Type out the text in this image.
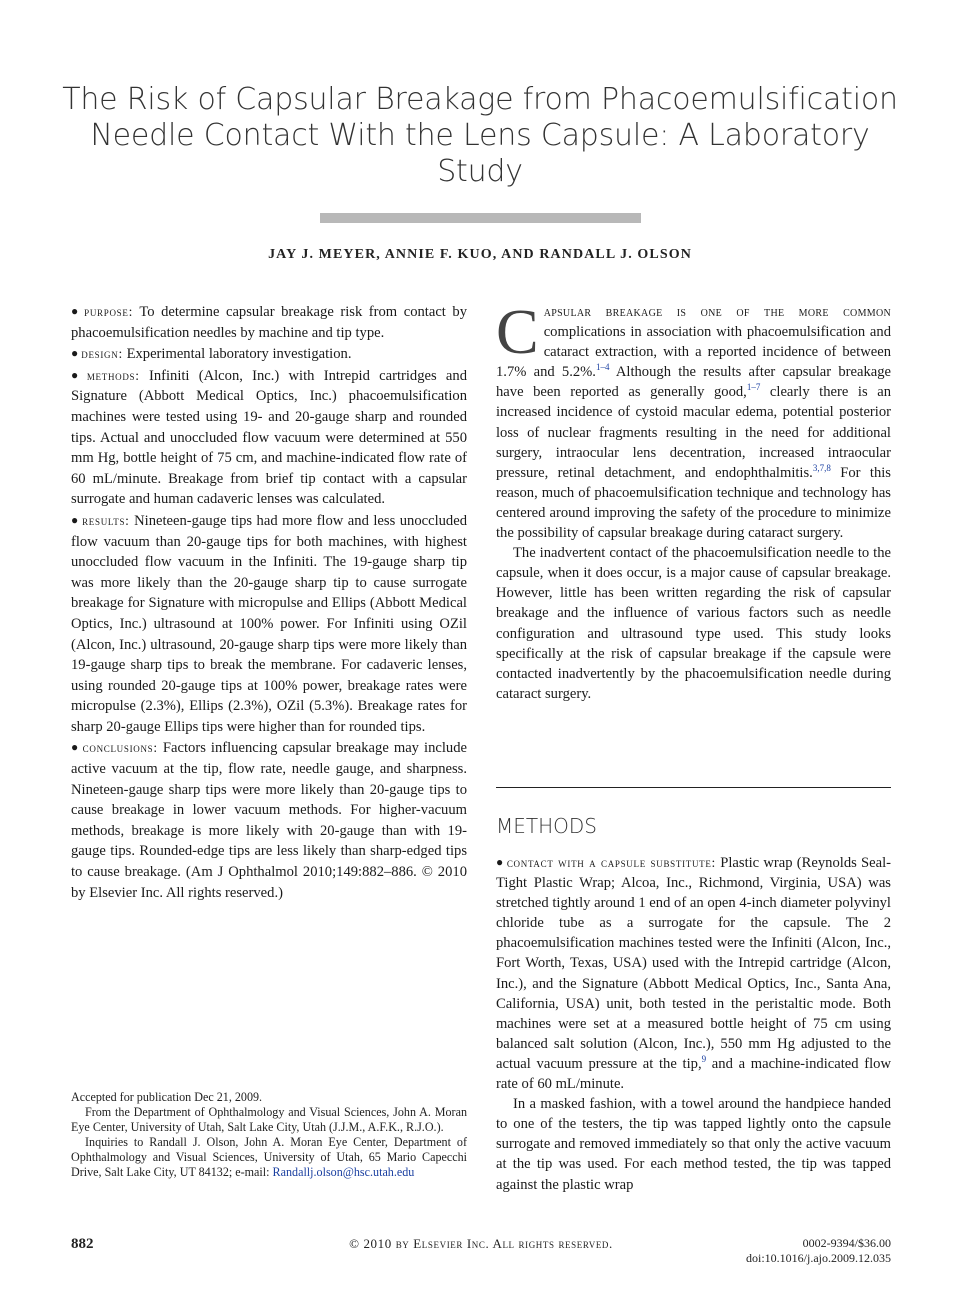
The Risk of Capsular Breakage from Phacoemulsification Needle Contact With the Lens Capsule: A Laboratory Study
JAY J. MEYER, ANNIE F. KUO, AND RANDALL J. OLSON

● purpose: To determine capsular breakage risk from contact by phacoemulsification needles by machine and tip type.

● design: Experimental laboratory investigation.

● methods: Infiniti (Alcon, Inc.) with Intrepid cartridges and Signature (Abbott Medical Optics, Inc.) phacoemulsification machines were tested using 19- and 20-gauge sharp and rounded tips. Actual and unoccluded flow vacuum were determined at 550 mm Hg, bottle height of 75 cm, and machine-indicated flow rate of 60 mL/minute. Breakage from brief tip contact with a capsular surrogate and human cadaveric lenses was calculated.

● results: Nineteen-gauge tips had more flow and less unoccluded flow vacuum than 20-gauge tips for both machines, with highest unoccluded flow vacuum in the Infiniti. The 19-gauge sharp tip was more likely than the 20-gauge sharp tip to cause surrogate breakage for Signature with micropulse and Ellips (Abbott Medical Optics, Inc.) ultrasound at 100% power. For Infiniti using OZil (Alcon, Inc.) ultrasound, 20-gauge sharp tips were more likely than 19-gauge sharp tips to break the membrane. For cadaveric lenses, using rounded 20-gauge tips at 100% power, breakage rates were micropulse (2.3%), Ellips (2.3%), OZil (5.3%). Breakage rates for sharp 20-gauge Ellips tips were higher than for rounded tips.

● conclusions: Factors influencing capsular breakage may include active vacuum at the tip, flow rate, needle gauge, and sharpness. Nineteen-gauge sharp tips were more likely than 20-gauge tips to cause breakage in lower vacuum methods. For higher-vacuum methods, breakage is more likely with 20-gauge than with 19-gauge tips. Rounded-edge tips are less likely than sharp-edged tips to cause breakage. (Am J Ophthalmol 2010;149:882–886. © 2010 by Elsevier Inc. All rights reserved.)

Accepted for publication Dec 21, 2009.

From the Department of Ophthalmology and Visual Sciences, John A. Moran Eye Center, University of Utah, Salt Lake City, Utah (J.J.M., A.F.K., R.J.O.).

Inquiries to Randall J. Olson, John A. Moran Eye Center, Department of Ophthalmology and Visual Sciences, University of Utah, 65 Mario Capecchi Drive, Salt Lake City, UT 84132; e-mail: Randallj.olson@hsc.utah.edu

Capsular breakage is one of the more common complications in association with phacoemulsification and cataract extraction, with a reported incidence of between 1.7% and 5.2%.$^{1-4}$ Although the results after capsular breakage have been reported as generally good,$^{1-7}$ clearly there is an increased incidence of cystoid macular edema, potential posterior loss of nuclear fragments resulting in the need for additional surgery, intraocular lens decentration, increased intraocular pressure, retinal detachment, and endophthalmitis.$^{3,7,8}$ For this reason, much of phacoemulsification technique and technology has centered around improving the safety of the procedure to minimize the possibility of capsular breakage during cataract surgery.

The inadvertent contact of the phacoemulsification needle to the capsule, when it does occur, is a major cause of capsular breakage. However, little has been written regarding the risk of capsular breakage and the influence of various factors such as needle configuration and ultrasound type used. This study looks specifically at the risk of capsular breakage if the capsule were contacted inadvertently by the phacoemulsification needle during cataract surgery.

METHODS

● contact with a capsule substitute: Plastic wrap (Reynolds Seal-Tight Plastic Wrap; Alcoa, Inc., Richmond, Virginia, USA) was stretched tightly around 1 end of an open 4-inch diameter polyvinyl chloride tube as a surrogate for the capsule. The 2 phacoemulsification machines tested were the Infiniti (Alcon, Inc., Fort Worth, Texas, USA) used with the Intrepid cartridge (Alcon, Inc.), and the Signature (Abbott Medical Optics, Inc., Santa Ana, California, USA) unit, both tested in the peristaltic mode. Both machines were set at a measured bottle height of 75 cm using balanced salt solution (Alcon, Inc.), 550 mm Hg adjusted to the actual vacuum pressure at the tip,$^9$ and a machine-indicated flow rate of 60 mL/minute.

In a masked fashion, with a towel around the handpiece handed to one of the testers, the tip was tapped lightly onto the capsule surrogate and removed immediately so that only the active vacuum at the tip was used. For each method tested, the tip was tapped against the plastic wrap

© 2010 by Elsevier Inc. All rights reserved.
882	0002-9394/$36.00
doi:10.1016/j.ajo.2009.12.035
